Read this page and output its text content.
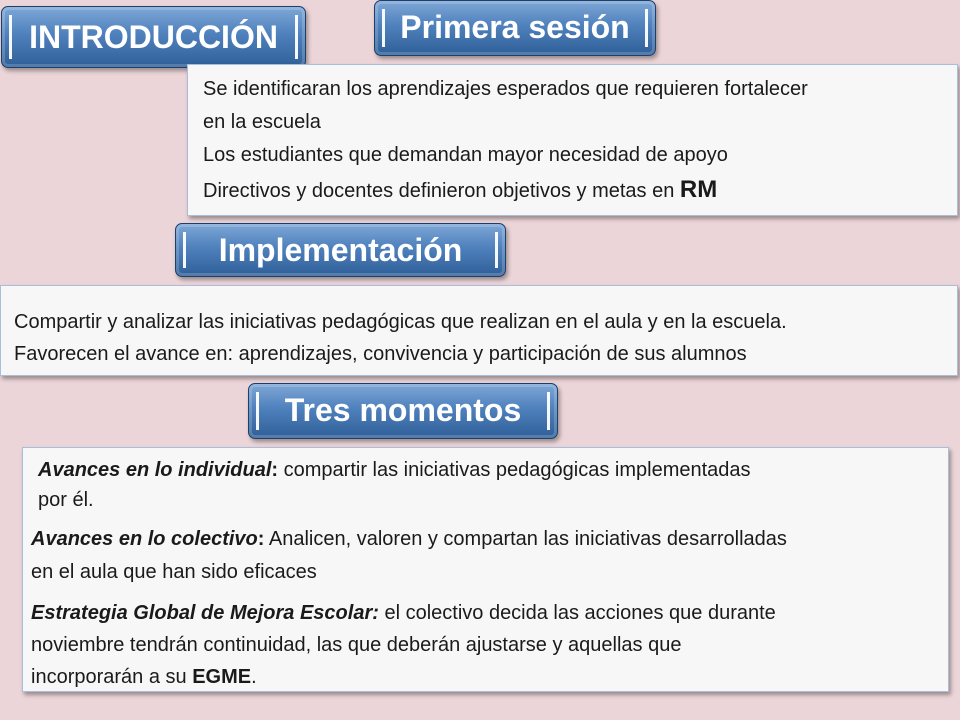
INTRODUCCIÓN	Primera sesión
Implementación
Tres momentos
Se identificaran los aprendizajes esperados que requieren fortalecer
en la escuela
Los estudiantes que demandan mayor necesidad de apoyo
Directivos y docentes definieron objetivos y metas en RM
Compartir y analizar las iniciativas pedagógicas que realizan en el aula y en la escuela.
Favorecen el avance en: aprendizajes, convivencia y participación de sus alumnos
Avances en lo individual: compartir las iniciativas pedagógicas implementadas
por él.
Avances en lo colectivo: Analicen, valoren y compartan las iniciativas desarrolladas
en el aula que han sido eficaces
Estrategia Global de Mejora Escolar: el colectivo decida las acciones que durante
noviembre tendrán continuidad, las que deberán ajustarse y aquellas que
incorporarán a su EGME.
